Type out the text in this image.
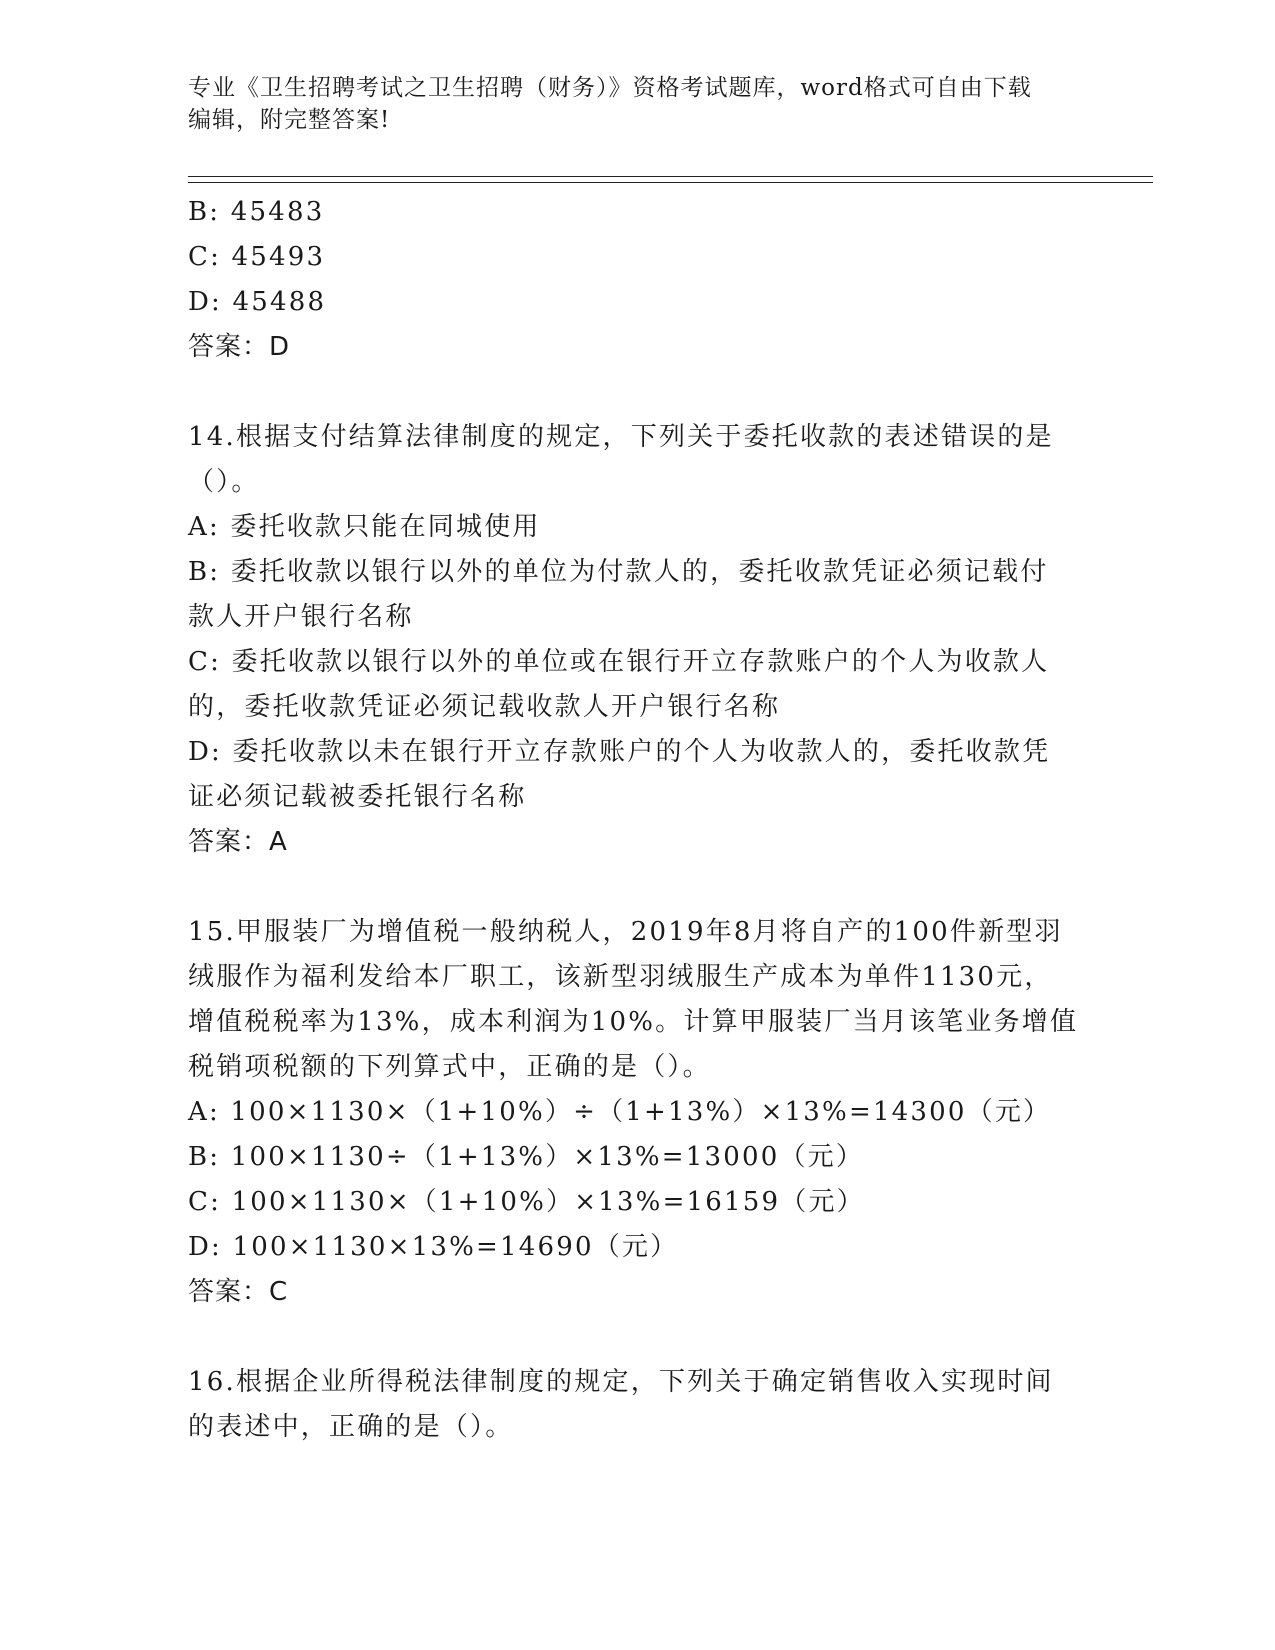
专业《卫生招聘考试之卫生招聘（财务）》资格考试题库，word格式可自由下载
编辑，附完整答案!
B: 45483
C: 45493
D: 45488
答案：D
14.根据支付结算法律制度的规定，下列关于委托收款的表述错误的是
（）。
A: 委托收款只能在同城使用
B: 委托收款以银行以外的单位为付款人的，委托收款凭证必须记载付
款人开户银行名称
C: 委托收款以银行以外的单位或在银行开立存款账户的个人为收款人
的，委托收款凭证必须记载收款人开户银行名称
D: 委托收款以未在银行开立存款账户的个人为收款人的，委托收款凭
证必须记载被委托银行名称
答案：A
15.甲服装厂为增值税一般纳税人，2019年8月将自产的100件新型羽
绒服作为福利发给本厂职工，该新型羽绒服生产成本为单件1130元，
增值税税率为13%，成本利润为10%。计算甲服装厂当月该笔业务增值
税销项税额的下列算式中，正确的是（）。
A: 100×1130×（1+10%）÷（1+13%）×13%=14300（元）
B: 100×1130÷（1+13%）×13%=13000（元）
C: 100×1130×（1+10%）×13%=16159（元）
D: 100×1130×13%=14690（元）
答案：C
16.根据企业所得税法律制度的规定，下列关于确定销售收入实现时间
的表述中，正确的是（）。
